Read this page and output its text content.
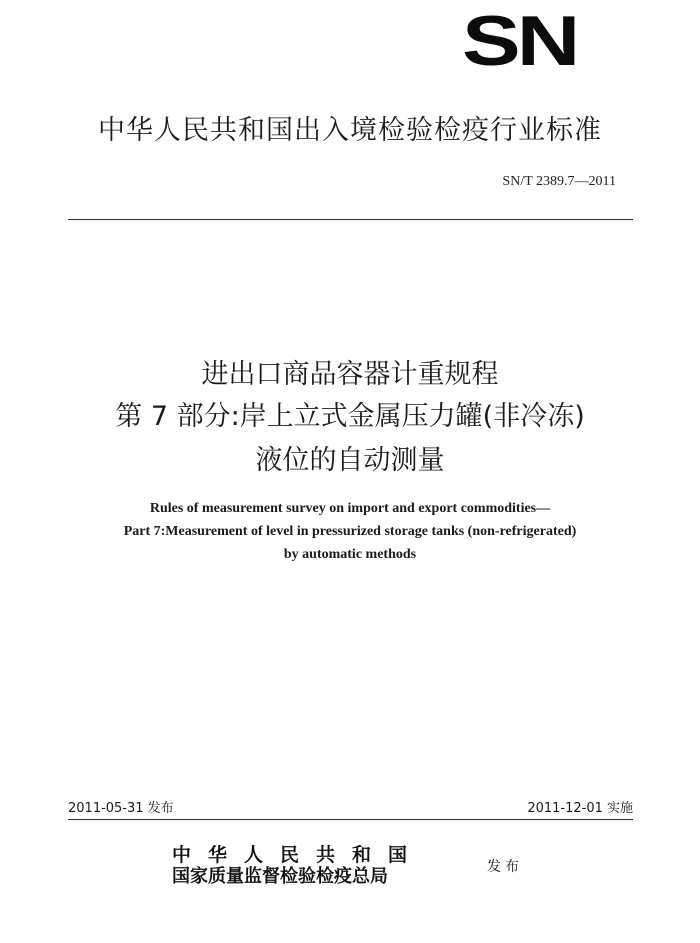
SN
中华人民共和国出入境检验检疫行业标准
SN/T 2389.7—2011
进出口商品容器计重规程
第 7 部分:岸上立式金属压力罐(非冷冻)
液位的自动测量
Rules of measurement survey on import and export commodities—
Part 7:Measurement of level in pressurized storage tanks (non-refrigerated)
by automatic methods
2011-05-31 发布	2011-12-01 实施
中华人民共和国
国家质量监督检验检疫总局	发布
